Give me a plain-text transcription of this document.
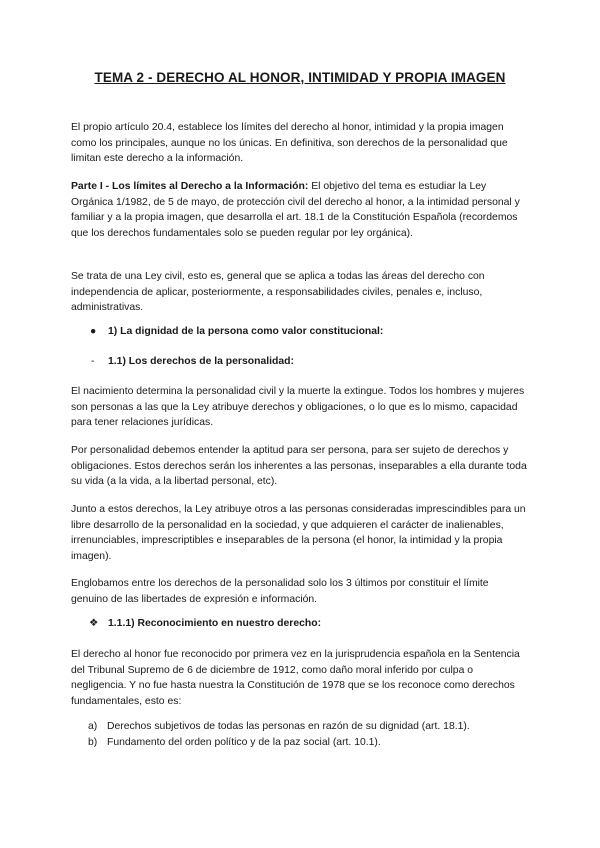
TEMA 2 - DERECHO AL HONOR, INTIMIDAD Y PROPIA IMAGEN

El propio artículo 20.4, establece los límites del derecho al honor, intimidad y la propia imagen como los principales, aunque no los únicas. En definitiva, son derechos de la personalidad que limitan este derecho a la información.

Parte I - Los límites al Derecho a la Información: El objetivo del tema es estudiar la Ley Orgánica 1/1982, de 5 de mayo, de protección civil del derecho al honor, a la intimidad personal y familiar y a la propia imagen, que desarrolla el art. 18.1 de la Constitución Española (recordemos que los derechos fundamentales solo se pueden regular por ley orgánica).

Se trata de una Ley civil, esto es, general que se aplica a todas las áreas del derecho con independencia de aplicar, posteriormente, a responsabilidades civiles, penales e, incluso, administrativas.

● 1) La dignidad de la persona como valor constitucional:
- 1.1) Los derechos de la personalidad:

El nacimiento determina la personalidad civil y la muerte la extingue. Todos los hombres y mujeres son personas a las que la Ley atribuye derechos y obligaciones, o lo que es lo mismo, capacidad para tener relaciones jurídicas.

Por personalidad debemos entender la aptitud para ser persona, para ser sujeto de derechos y obligaciones. Estos derechos serán los inherentes a las personas, inseparables a ella durante toda su vida (a la vida, a la libertad personal, etc).

Junto a estos derechos, la Ley atribuye otros a las personas consideradas imprescindibles para un libre desarrollo de la personalidad en la sociedad, y que adquieren el carácter de inalienables, irrenunciables, imprescriptibles e inseparables de la persona (el honor, la intimidad y la propia imagen).

Englobamos entre los derechos de la personalidad solo los 3 últimos por constituir el límite genuino de las libertades de expresión e información.

❖ 1.1.1) Reconocimiento en nuestro derecho:

El derecho al honor fue reconocido por primera vez en la jurisprudencia española en la Sentencia del Tribunal Supremo de 6 de diciembre de 1912, como daño moral inferido por culpa o negligencia. Y no fue hasta nuestra la Constitución de 1978 que se los reconoce como derechos fundamentales, esto es:

a) Derechos subjetivos de todas las personas en razón de su dignidad (art. 18.1).
b) Fundamento del orden político y de la paz social (art. 10.1).
